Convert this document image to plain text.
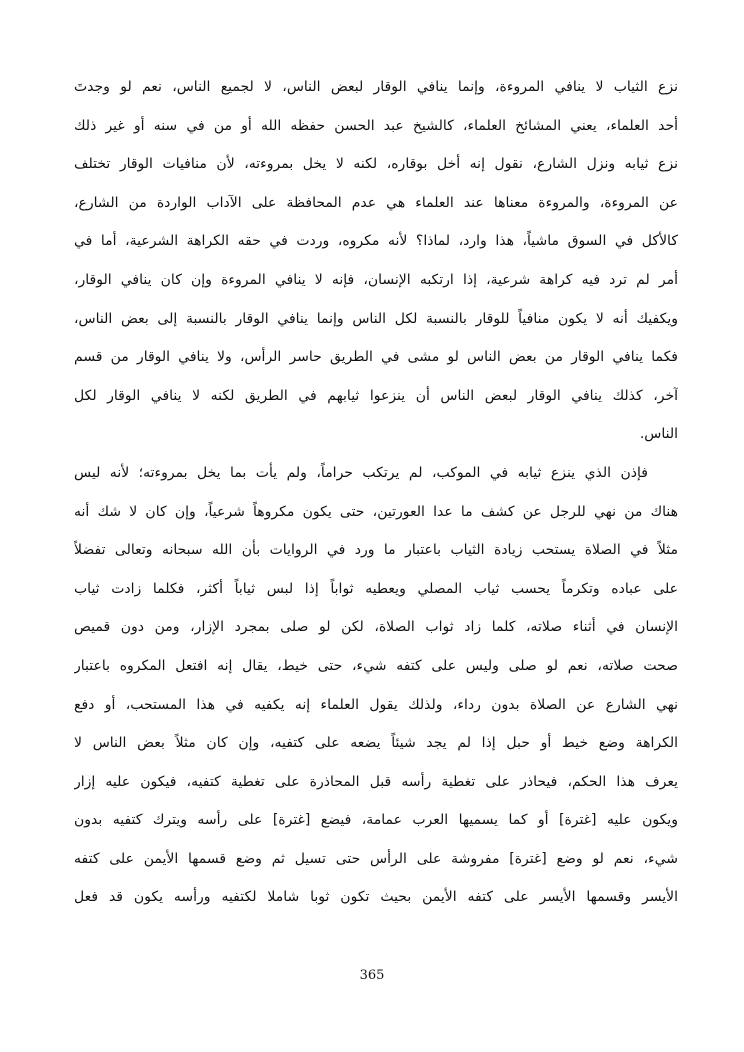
نزع الثياب لا ينافي المروءة، وإنما ينافي الوقار لبعض الناس، لا لجميع الناس، نعم لو وجدتَ
أحد العلماء، يعني المشائخ العلماء، كالشيخ عبد الحسن حفظه الله أو من في سنه أو غير ذلك
نزع ثيابه ونزل الشارع، نقول إنه أخل بوقاره، لكنه لا يخل بمروءته، لأن منافيات الوقار تختلف
عن المروءة، والمروءة معناها عند العلماء هي عدم المحافظة على الآداب الواردة من الشارع،
كالأكل في السوق ماشياً، هذا وارد، لماذا؟ لأنه مكروه، وردت في حقه الكراهة الشرعية، أما في
أمر لم ترد فيه كراهة شرعية، إذا ارتكبه الإنسان، فإنه لا ينافي المروءة وإن كان ينافي الوقار،
ويكفيك أنه لا يكون منافياً للوقار بالنسبة لكل الناس وإنما ينافي الوقار بالنسبة إلى بعض الناس،
فكما ينافي الوقار من بعض الناس لو مشى في الطريق حاسر الرأس، ولا ينافي الوقار من قسم
آخر، كذلك ينافي الوقار لبعض الناس أن ينزعوا ثيابهم في الطريق لكنه لا ينافي الوقار لكل
الناس.
فإذن الذي ينزع ثيابه في الموكب، لم يرتكب حراماً، ولم يأت بما يخل بمروءته؛ لأنه ليس
هناك من نهي للرجل عن كشف ما عدا العورتين، حتى يكون مكروهاً شرعياً، وإن كان لا شك أنه
مثلاً في الصلاة يستحب زيادة الثياب باعتبار ما ورد في الروايات بأن الله سبحانه وتعالى تفضلاً
على عباده وتكرماً يحسب ثياب المصلي ويعطيه ثواباً إذا لبس ثياباً أكثر، فكلما زادت ثياب
الإنسان في أثناء صلاته، كلما زاد ثواب الصلاة، لكن لو صلى بمجرد الإزار، ومن دون قميص
صحت صلاته، نعم لو صلى وليس على كتفه شيء، حتى خيط، يقال إنه افتعل المكروه باعتبار
نهي الشارع عن الصلاة بدون رداء، ولذلك يقول العلماء إنه يكفيه في هذا المستحب، أو دفع
الكراهة وضع خيط أو حبل إذا لم يجد شيئاً يضعه على كتفيه، وإن كان مثلاً بعض الناس لا
يعرف هذا الحكم، فيحاذر على تغطية رأسه قبل المحاذرة على تغطية كتفيه، فيكون عليه إزار
ويكون عليه [غترة] أو كما يسميها العرب عمامة، فيضع [غترة] على رأسه ويترك كتفيه بدون
شيء، نعم لو وضع [غترة] مفروشة على الرأس حتى تسيل ثم وضع قسمها الأيمن على كتفه
الأيسر وقسمها الأيسر على كتفه الأيمن بحيث تكون ثوبا شاملا لكتفيه ورأسه يكون قد فعل
365
